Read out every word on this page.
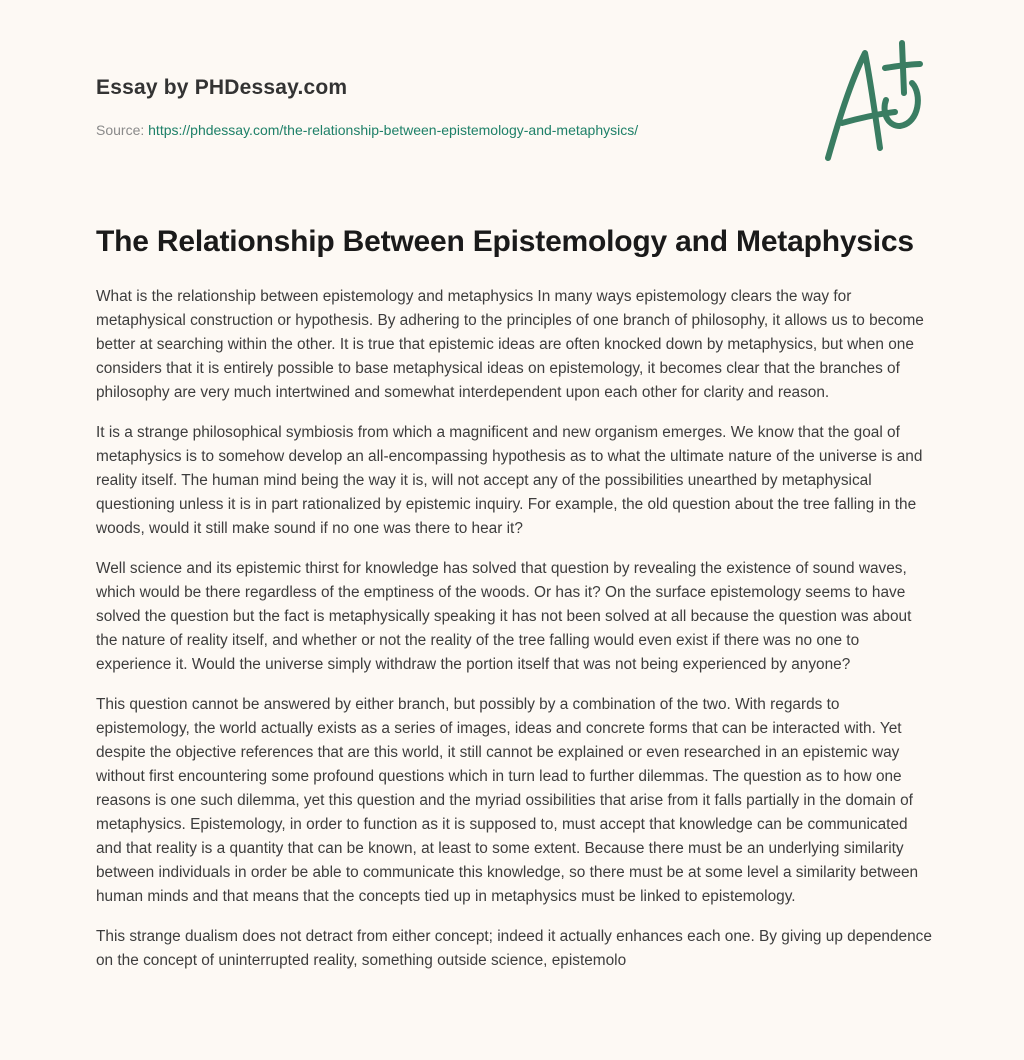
Essay by PHDessay.com
Source: https://phdessay.com/the-relationship-between-epistemology-and-metaphysics/
The Relationship Between Epistemology and Metaphysics

What is the relationship between epistemology and metaphysics In many ways epistemology clears the way for metaphysical construction or hypothesis. By adhering to the principles of one branch of philosophy, it allows us to become better at searching within the other. It is true that epistemic ideas are often knocked down by metaphysics, but when one considers that it is entirely possible to base metaphysical ideas on epistemology, it becomes clear that the branches of philosophy are very much intertwined and somewhat interdependent upon each other for clarity and reason.

It is a strange philosophical symbiosis from which a magnificent and new organism emerges. We know that the goal of metaphysics is to somehow develop an all-encompassing hypothesis as to what the ultimate nature of the universe is and reality itself. The human mind being the way it is, will not accept any of the possibilities unearthed by metaphysical questioning unless it is in part rationalized by epistemic inquiry. For example, the old question about the tree falling in the woods, would it still make sound if no one was there to hear it?

Well science and its epistemic thirst for knowledge has solved that question by revealing the existence of sound waves, which would be there regardless of the emptiness of the woods. Or has it? On the surface epistemology seems to have solved the question but the fact is metaphysically speaking it has not been solved at all because the question was about the nature of reality itself, and whether or not the reality of the tree falling would even exist if there was no one to experience it. Would the universe simply withdraw the portion itself that was not being experienced by anyone?

This question cannot be answered by either branch, but possibly by a combination of the two. With regards to epistemology, the world actually exists as a series of images, ideas and concrete forms that can be interacted with. Yet despite the objective references that are this world, it still cannot be explained or even researched in an epistemic way without first encountering some profound questions which in turn lead to further dilemmas. The question as to how one reasons is one such dilemma, yet this question and the myriad ossibilities that arise from it falls partially in the domain of metaphysics. Epistemology, in order to function as it is supposed to, must accept that knowledge can be communicated and that reality is a quantity that can be known, at least to some extent. Because there must be an underlying similarity between individuals in order be able to communicate this knowledge, so there must be at some level a similarity between human minds and that means that the concepts tied up in metaphysics must be linked to epistemology.

This strange dualism does not detract from either concept; indeed it actually enhances each one. By giving up dependence on the concept of uninterrupted reality, something outside science, epistemolo
